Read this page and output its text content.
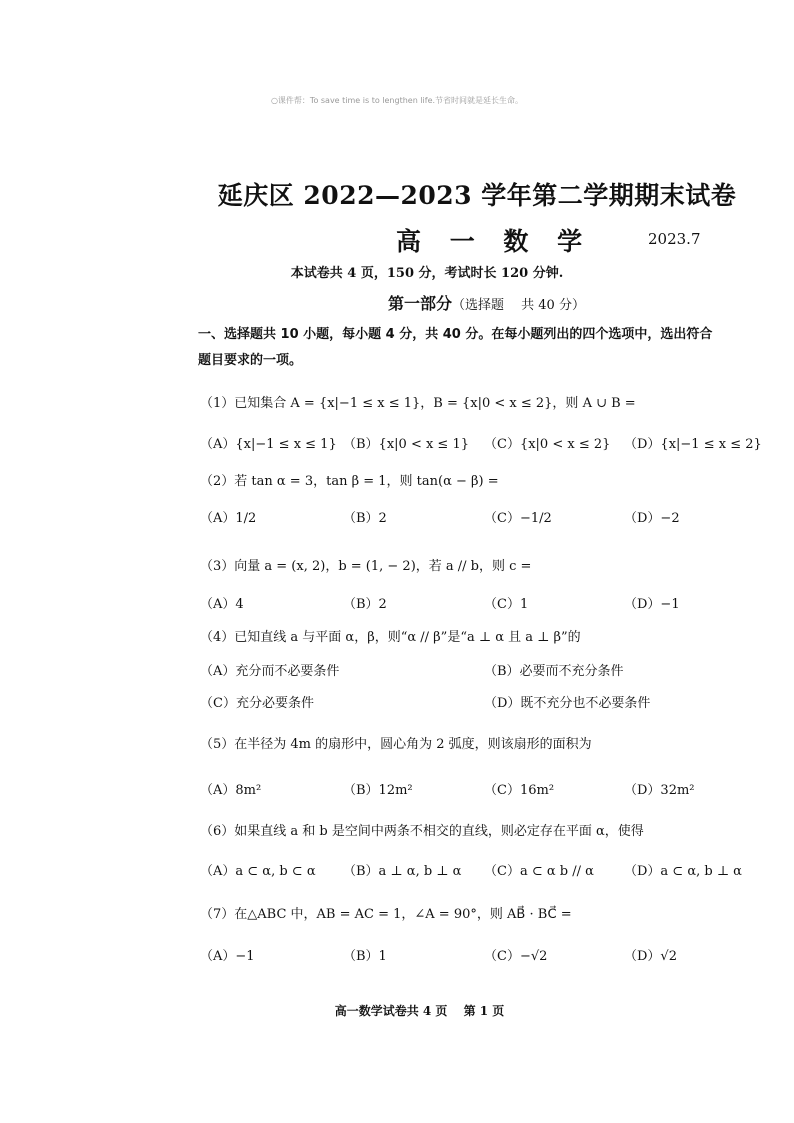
○课件帮：To save time is to lengthen life.节省时间就是延长生命。
延庆区 2022—2023 学年第二学期期末试卷
高 一 数 学	2023.7
本试卷共 4 页，150 分，考试时长 120 分钟.
第一部分（选择题　 共 40 分）
一、选择题共 10 小题，每小题 4 分，共 40 分。在每小题列出的四个选项中，选出符合
题目要求的一项。
（1）已知集合 A = {x|−1 ≤ x ≤ 1}，B = {x|0 < x ≤ 2}，则 A ∪ B =
（A）{x|−1 ≤ x ≤ 1} （B）{x|0 < x ≤ 1} （C）{x|0 < x ≤ 2} （D）{x|−1 ≤ x ≤ 2}
（2）若 tan α = 3，tan β = 1，则 tan(α − β) =
（A）1/2	（B）2	（C）−1/2	（D）−2
（3）向量 a = (x, 2)，b = (1, − 2)，若 a // b，则 c =
（A）4	（B）2	（C）1	（D）−1
（4）已知直线 a 与平面 α，β，则“α // β”是“a ⊥ α 且 a ⊥ β”的
（A）充分而不必要条件	（B）必要而不充分条件
（C）充分必要条件	（D）既不充分也不必要条件
（5）在半径为 4m 的扇形中，圆心角为 2 弧度，则该扇形的面积为
（A）8m²	（B）12m²	（C）16m²	（D）32m²
（6）如果直线 a 和 b 是空间中两条不相交的直线，则必定存在平面 α，使得
（A）a ⊂ α, b ⊂ α （B）a ⊥ α, b ⊥ α （C）a ⊂ α b // α （D）a ⊂ α, b ⊥ α
（7）在△ABC 中，AB = AC = 1，∠A = 90°，则 AB⃗ · BC⃗ =
（A）−1	（B）1	（C）−√2	（D）√2
高一数学试卷共 4 页　 第 1 页
